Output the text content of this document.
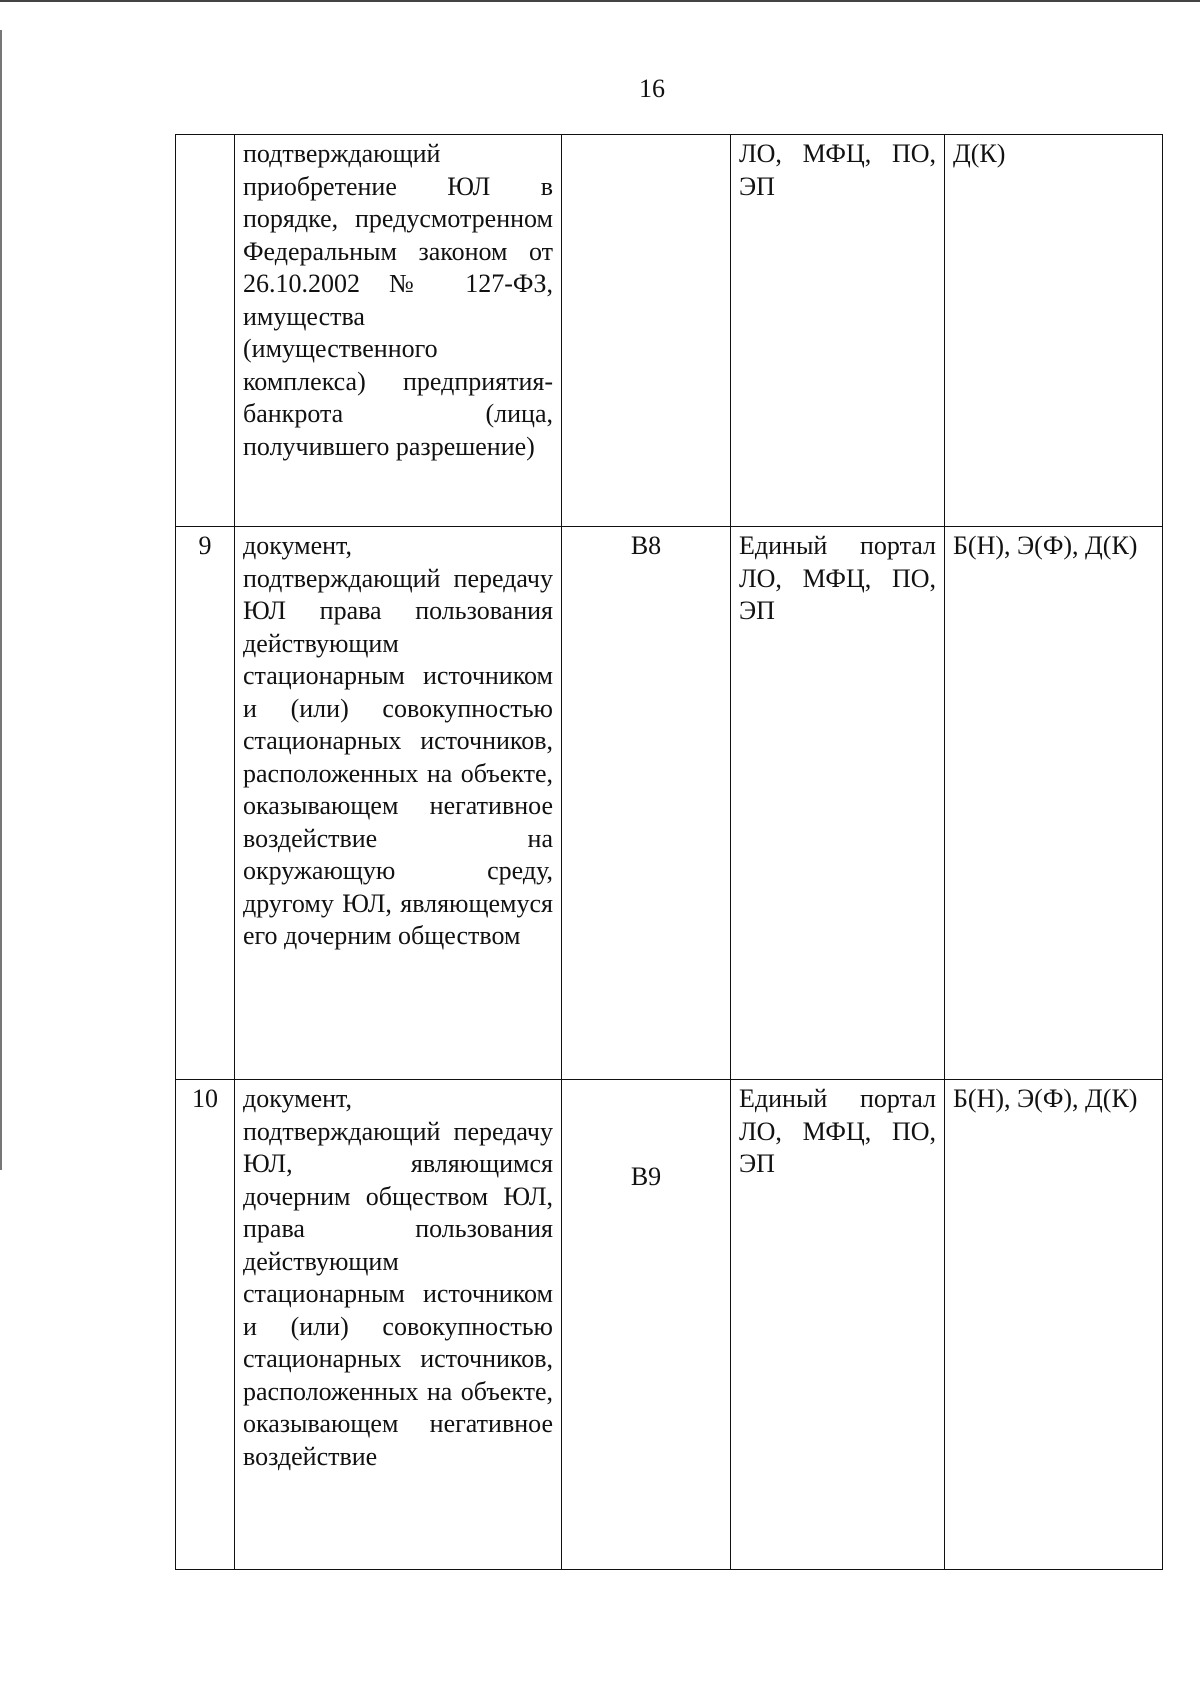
16

	подтверждающий приобретение ЮЛ в порядке, предусмотренном Федеральным законом от 26.10.2002 № 127-ФЗ, имущества (имущественного комплекса) предприятия-банкрота (лица, получившего разрешение)		ЛО, МФЦ, ПО, ЭП	Д(К)
9	документ, подтверждающий передачу ЮЛ права пользования действующим стационарным источником и (или) совокупностью стационарных источников, расположенных на объекте, оказывающем негативное воздействие на окружающую среду, другому ЮЛ, являющемуся его дочерним обществом	В8	Единый портал ЛО, МФЦ, ПО, ЭП	Б(Н), Э(Ф), Д(К)
10	документ, подтверждающий передачу ЮЛ, являющимся дочерним обществом ЮЛ, права пользования действующим стационарным источником и (или) совокупностью стационарных источников, расположенных на объекте, оказывающем негативное воздействие	В9	Единый портал ЛО, МФЦ, ПО, ЭП	Б(Н), Э(Ф), Д(К)
